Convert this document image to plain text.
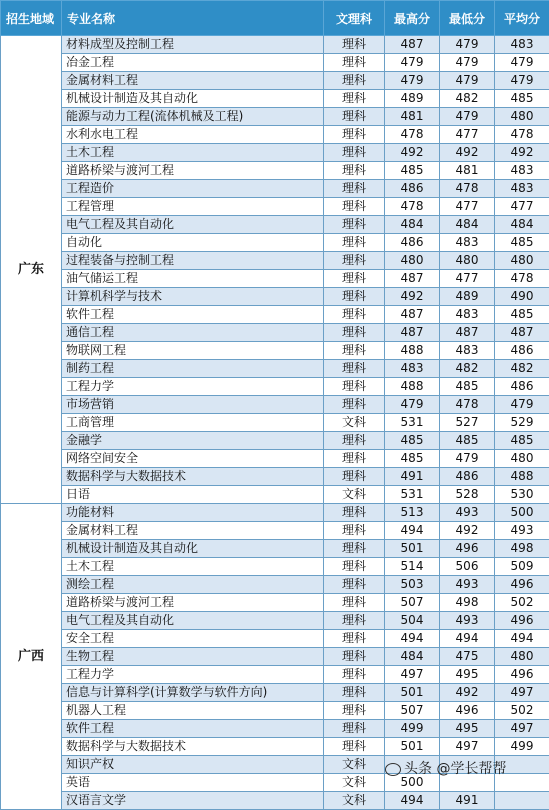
招生地域	专业名称	文理科	最高分	最低分	平均分
广东	材料成型及控制工程	理科	487	479	483
	冶金工程	理科	479	479	479
	金属材料工程	理科	479	479	479
	机械设计制造及其自动化	理科	489	482	485
	能源与动力工程(流体机械及工程)	理科	481	479	480
	水利水电工程	理科	478	477	478
	土木工程	理科	492	492	492
	道路桥梁与渡河工程	理科	485	481	483
	工程造价	理科	486	478	483
	工程管理	理科	478	477	477
	电气工程及其自动化	理科	484	484	484
	自动化	理科	486	483	485
	过程装备与控制工程	理科	480	480	480
	油气储运工程	理科	487	477	478
	计算机科学与技术	理科	492	489	490
	软件工程	理科	487	483	485
	通信工程	理科	487	487	487
	物联网工程	理科	488	483	486
	制药工程	理科	483	482	482
	工程力学	理科	488	485	486
	市场营销	理科	479	478	479
	工商管理	文科	531	527	529
	金融学	理科	485	485	485
	网络空间安全	理科	485	479	480
	数据科学与大数据技术	理科	491	486	488
	日语	文科	531	528	530
广西	功能材料	理科	513	493	500
	金属材料工程	理科	494	492	493
	机械设计制造及其自动化	理科	501	496	498
	土木工程	理科	514	506	509
	测绘工程	理科	503	493	496
	道路桥梁与渡河工程	理科	507	498	502
	电气工程及其自动化	理科	504	493	496
	安全工程	理科	494	494	494
	生物工程	理科	484	475	480
	工程力学	理科	497	495	496
	信息与计算科学(计算数学与软件方向)	理科	501	492	497
	机器人工程	理科	507	496	502
	软件工程	理科	499	495	497
	数据科学与大数据技术	理科	501	497	499
	知识产权	文科			
	英语	文科	500		
	汉语言文学	文科	494	491	
头条 @学长帮帮
